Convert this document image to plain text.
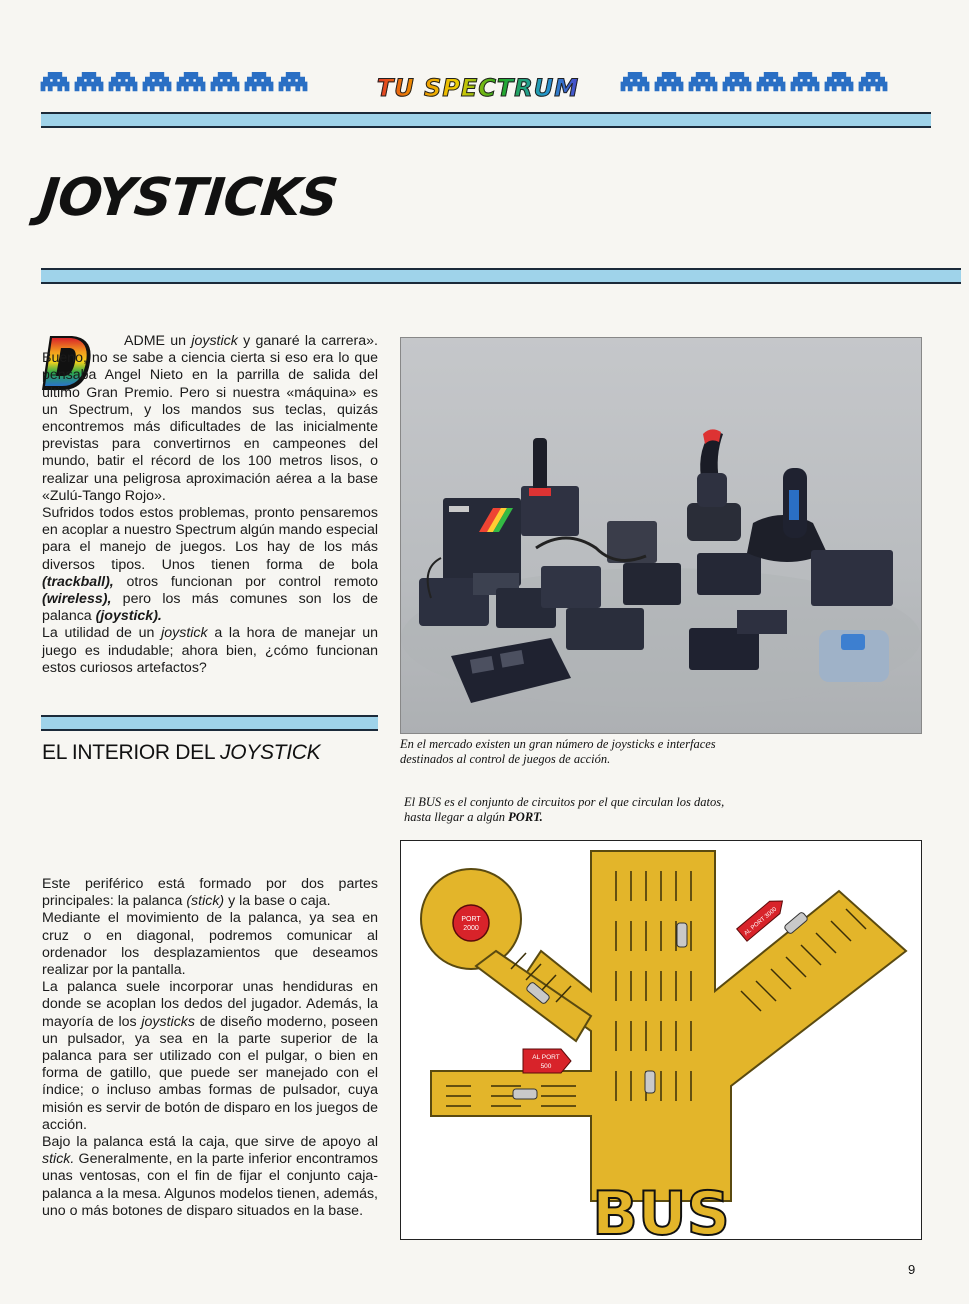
TU SPECTRUM
JOYSTICKS
D

ADME un joystick y ganaré la carrera». Bueno, no se sabe a ciencia cierta si eso era lo que pensaba Angel Nieto en la parrilla de salida del último Gran Premio. Pero si nuestra «máquina» es un Spectrum, y los mandos sus teclas, quizás encontremos más dificultades de las inicialmente previstas para convertirnos en campeones del mundo, batir el récord de los 100 metros lisos, o realizar una peligrosa aproximación aérea a la base «Zulú-Tango Rojo».

Sufridos todos estos problemas, pronto pensaremos en acoplar a nuestro Spectrum algún mando especial para el manejo de juegos. Los hay de los más diversos tipos. Unos tienen forma de bola (trackball), otros funcionan por control remoto (wireless), pero los más comunes son los de palanca (joystick).

La utilidad de un joystick a la hora de manejar un juego es indudable; ahora bien, ¿cómo funcionan estos curiosos artefactos?

EL INTERIOR DEL JOYSTICK

Este periférico está formado por dos partes principales: la palanca (stick) y la base o caja.

Mediante el movimiento de la palanca, ya sea en cruz o en diagonal, podremos comunicar al ordenador los desplazamientos que deseamos realizar por la pantalla.

La palanca suele incorporar unas hendiduras en donde se acoplan los dedos del jugador. Además, la mayoría de los joysticks de diseño moderno, poseen un pulsador, ya sea en la parte superior de la palanca para ser utilizado con el pulgar, o bien en forma de gatillo, que puede ser manejado con el índice; o incluso ambas formas de pulsador, cuya misión es servir de botón de disparo en los juegos de acción.

Bajo la palanca está la caja, que sirve de apoyo al stick. Generalmente, en la parte inferior encontramos unas ventosas, con el fin de fijar el conjunto caja-palanca a la mesa. Algunos modelos tienen, además, uno o más botones de disparo situados en la base.

En el mercado existen un gran número de joysticks e interfaces destinados al control de juegos de acción.
El BUS es el conjunto de circuitos por el que circulan los datos, hasta llegar a algún PORT.
PORT
2000	AL PORT 3000
AL PORT
500
BUS
9
